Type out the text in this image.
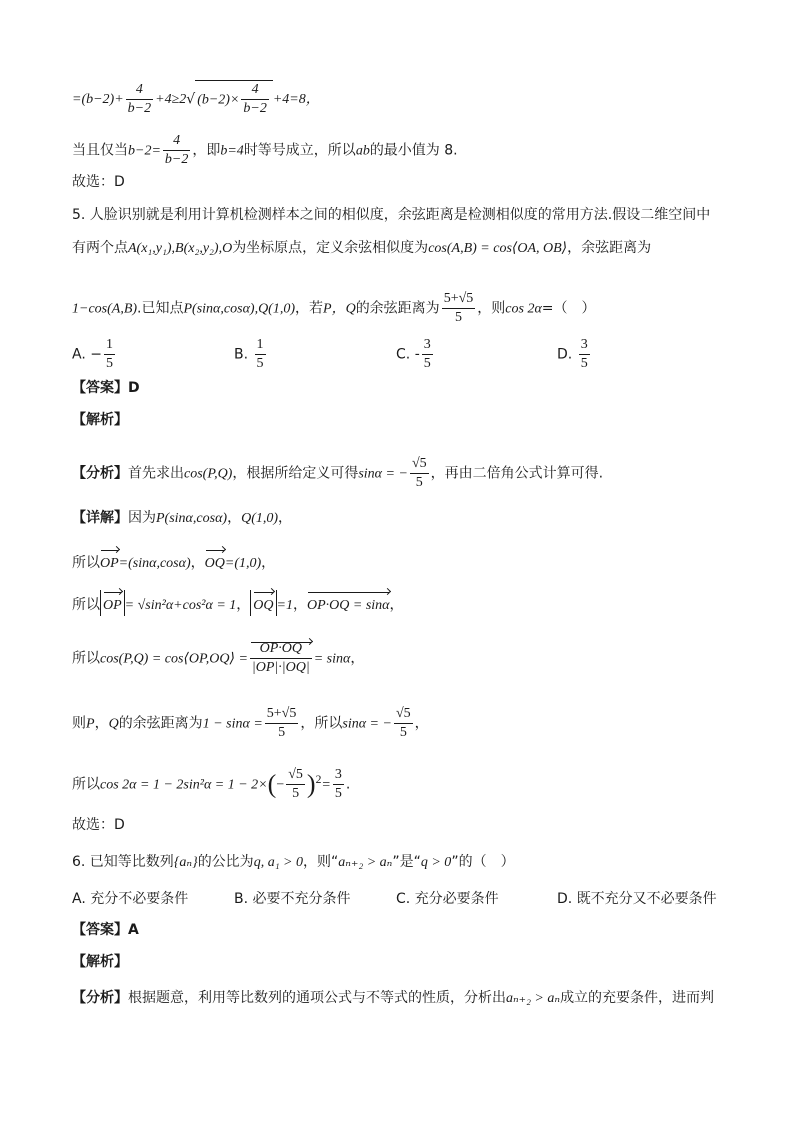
$=(b-2)+ \frac{4}{b-2} +4\ge 2√$ $(b-2)\times \frac{4}{b-2} +4=8$，
当且仅当$b-2= \frac{4}{b-2}$ ，即b=4时等号成立，所以ab的最小值为 8.
故选：D
5. 人脸识别就是利用计算机检测样本之间的相似度，余弦距离是检测相似度的常用方法.假设二维空间中
有两个点A(x₁,y₁),B(x₂,y₂),O为坐标原点，定义余弦相似度为cos(A,B) = cos⟨OA, OB⟩，余弦距离为
1−cos(A,B).已知点P(sinα,cosα),Q(1,0)，若P，Q的余弦距离为 $\frac{5+√5}{5}$ ，则cos 2α=（　）
A. − $\frac{1}{5}$	B. $\frac{1}{5}$	C. - $\frac{3}{5}$	D. $\frac{3}{5}$
【答案】D
【解析】
【分析】首先求出cos(P,Q)，根据所给定义可得sinα = − $\frac{√5}{5}$ ，再由二倍角公式计算可得.
【详解】因为P(sinα,cosα)，Q(1,0)，
所以OP=(sinα,cosα)，OQ=(1,0)，
所以 OP = √sin²α+cos²α = 1， OQ =1，OP·OQ = sinα，
所以cos(P,Q) = cos⟨OP,OQ⟩ = $\frac{OP\cdot OQ}{|OP|\cdot|OQ|} = \sin\alpha$，
则P，Q的余弦距离为$1 - \sin\alpha = \frac{5+√5}{5}$ ，所以sinα = − $\frac{√5}{5}$ ，
所以$\cos 2\alpha = 1 - 2\sin^2\alpha = 1 - 2\times(- \frac{√5}{5} )^2= \frac{3}{5}$ .
故选：D
6. 已知等比数列{aₙ}的公比为q, a₁ > 0，则“aₙ₊₂ > aₙ”是“q > 0”的（　）
A. 充分不必要条件	B. 必要不充分条件	C. 充分必要条件	D. 既不充分又不必要条件
【答案】A
【解析】
【分析】根据题意，利用等比数列的通项公式与不等式的性质，分析出aₙ₊₂ > aₙ成立的充要条件，进而判
